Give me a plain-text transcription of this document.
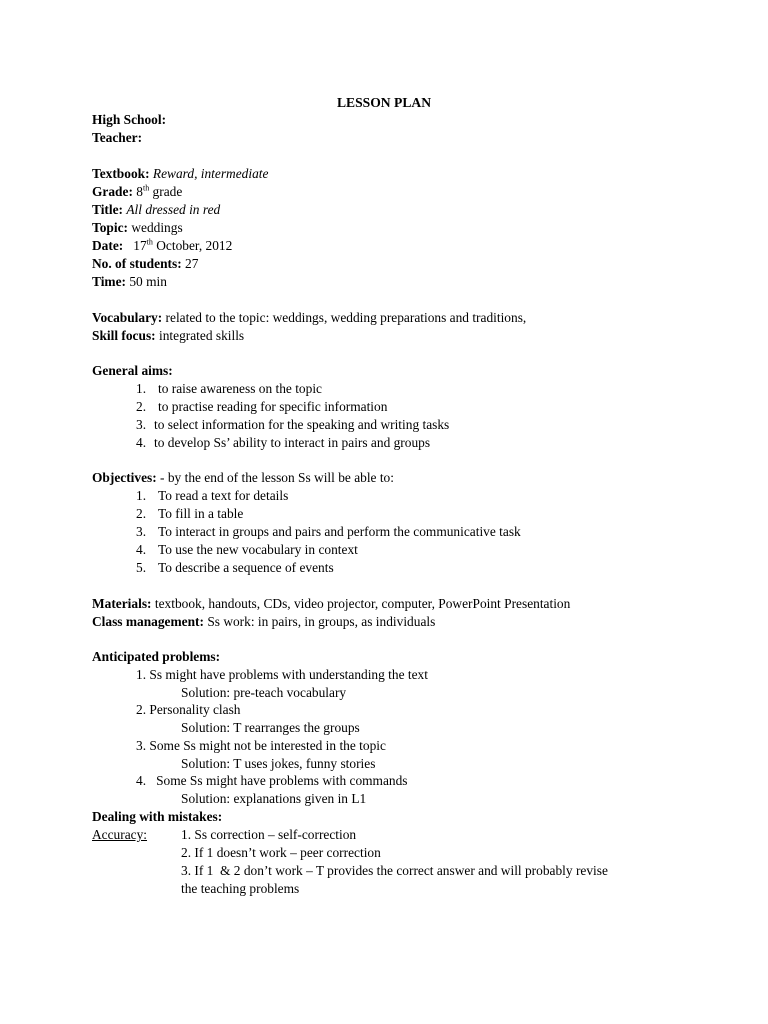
LESSON PLAN
High School:
Teacher:
Textbook: Reward, intermediate
Grade: 8th grade
Title: All dressed in red
Topic: weddings
Date: 17th October, 2012
No. of students: 27
Time: 50 min
Vocabulary: related to the topic: weddings, wedding preparations and traditions,
Skill focus: integrated skills
General aims:
1. to raise awareness on the topic
2. to practise reading for specific information
3. to select information for the speaking and writing tasks
4. to develop Ss’ ability to interact in pairs and groups
Objectives: - by the end of the lesson Ss will be able to:
1. To read a text for details
2. To fill in a table
3. To interact in groups and pairs and perform the communicative task
4. To use the new vocabulary in context
5. To describe a sequence of events
Materials: textbook, handouts, CDs, video projector, computer, PowerPoint Presentation
Class management: Ss work: in pairs, in groups, as individuals
Anticipated problems:
1. Ss might have problems with understanding the text
Solution: pre-teach vocabulary
2. Personality clash
Solution: T rearranges the groups
3. Some Ss might not be interested in the topic
Solution: T uses jokes, funny stories
4.   Some Ss might have problems with commands
Solution: explanations given in L1
Dealing with mistakes:
Accuracy:	1. Ss correction – self-correction
2. If 1 doesn’t work – peer correction
3. If 1  & 2 don’t work – T provides the correct answer and will probably revise
the teaching problems
